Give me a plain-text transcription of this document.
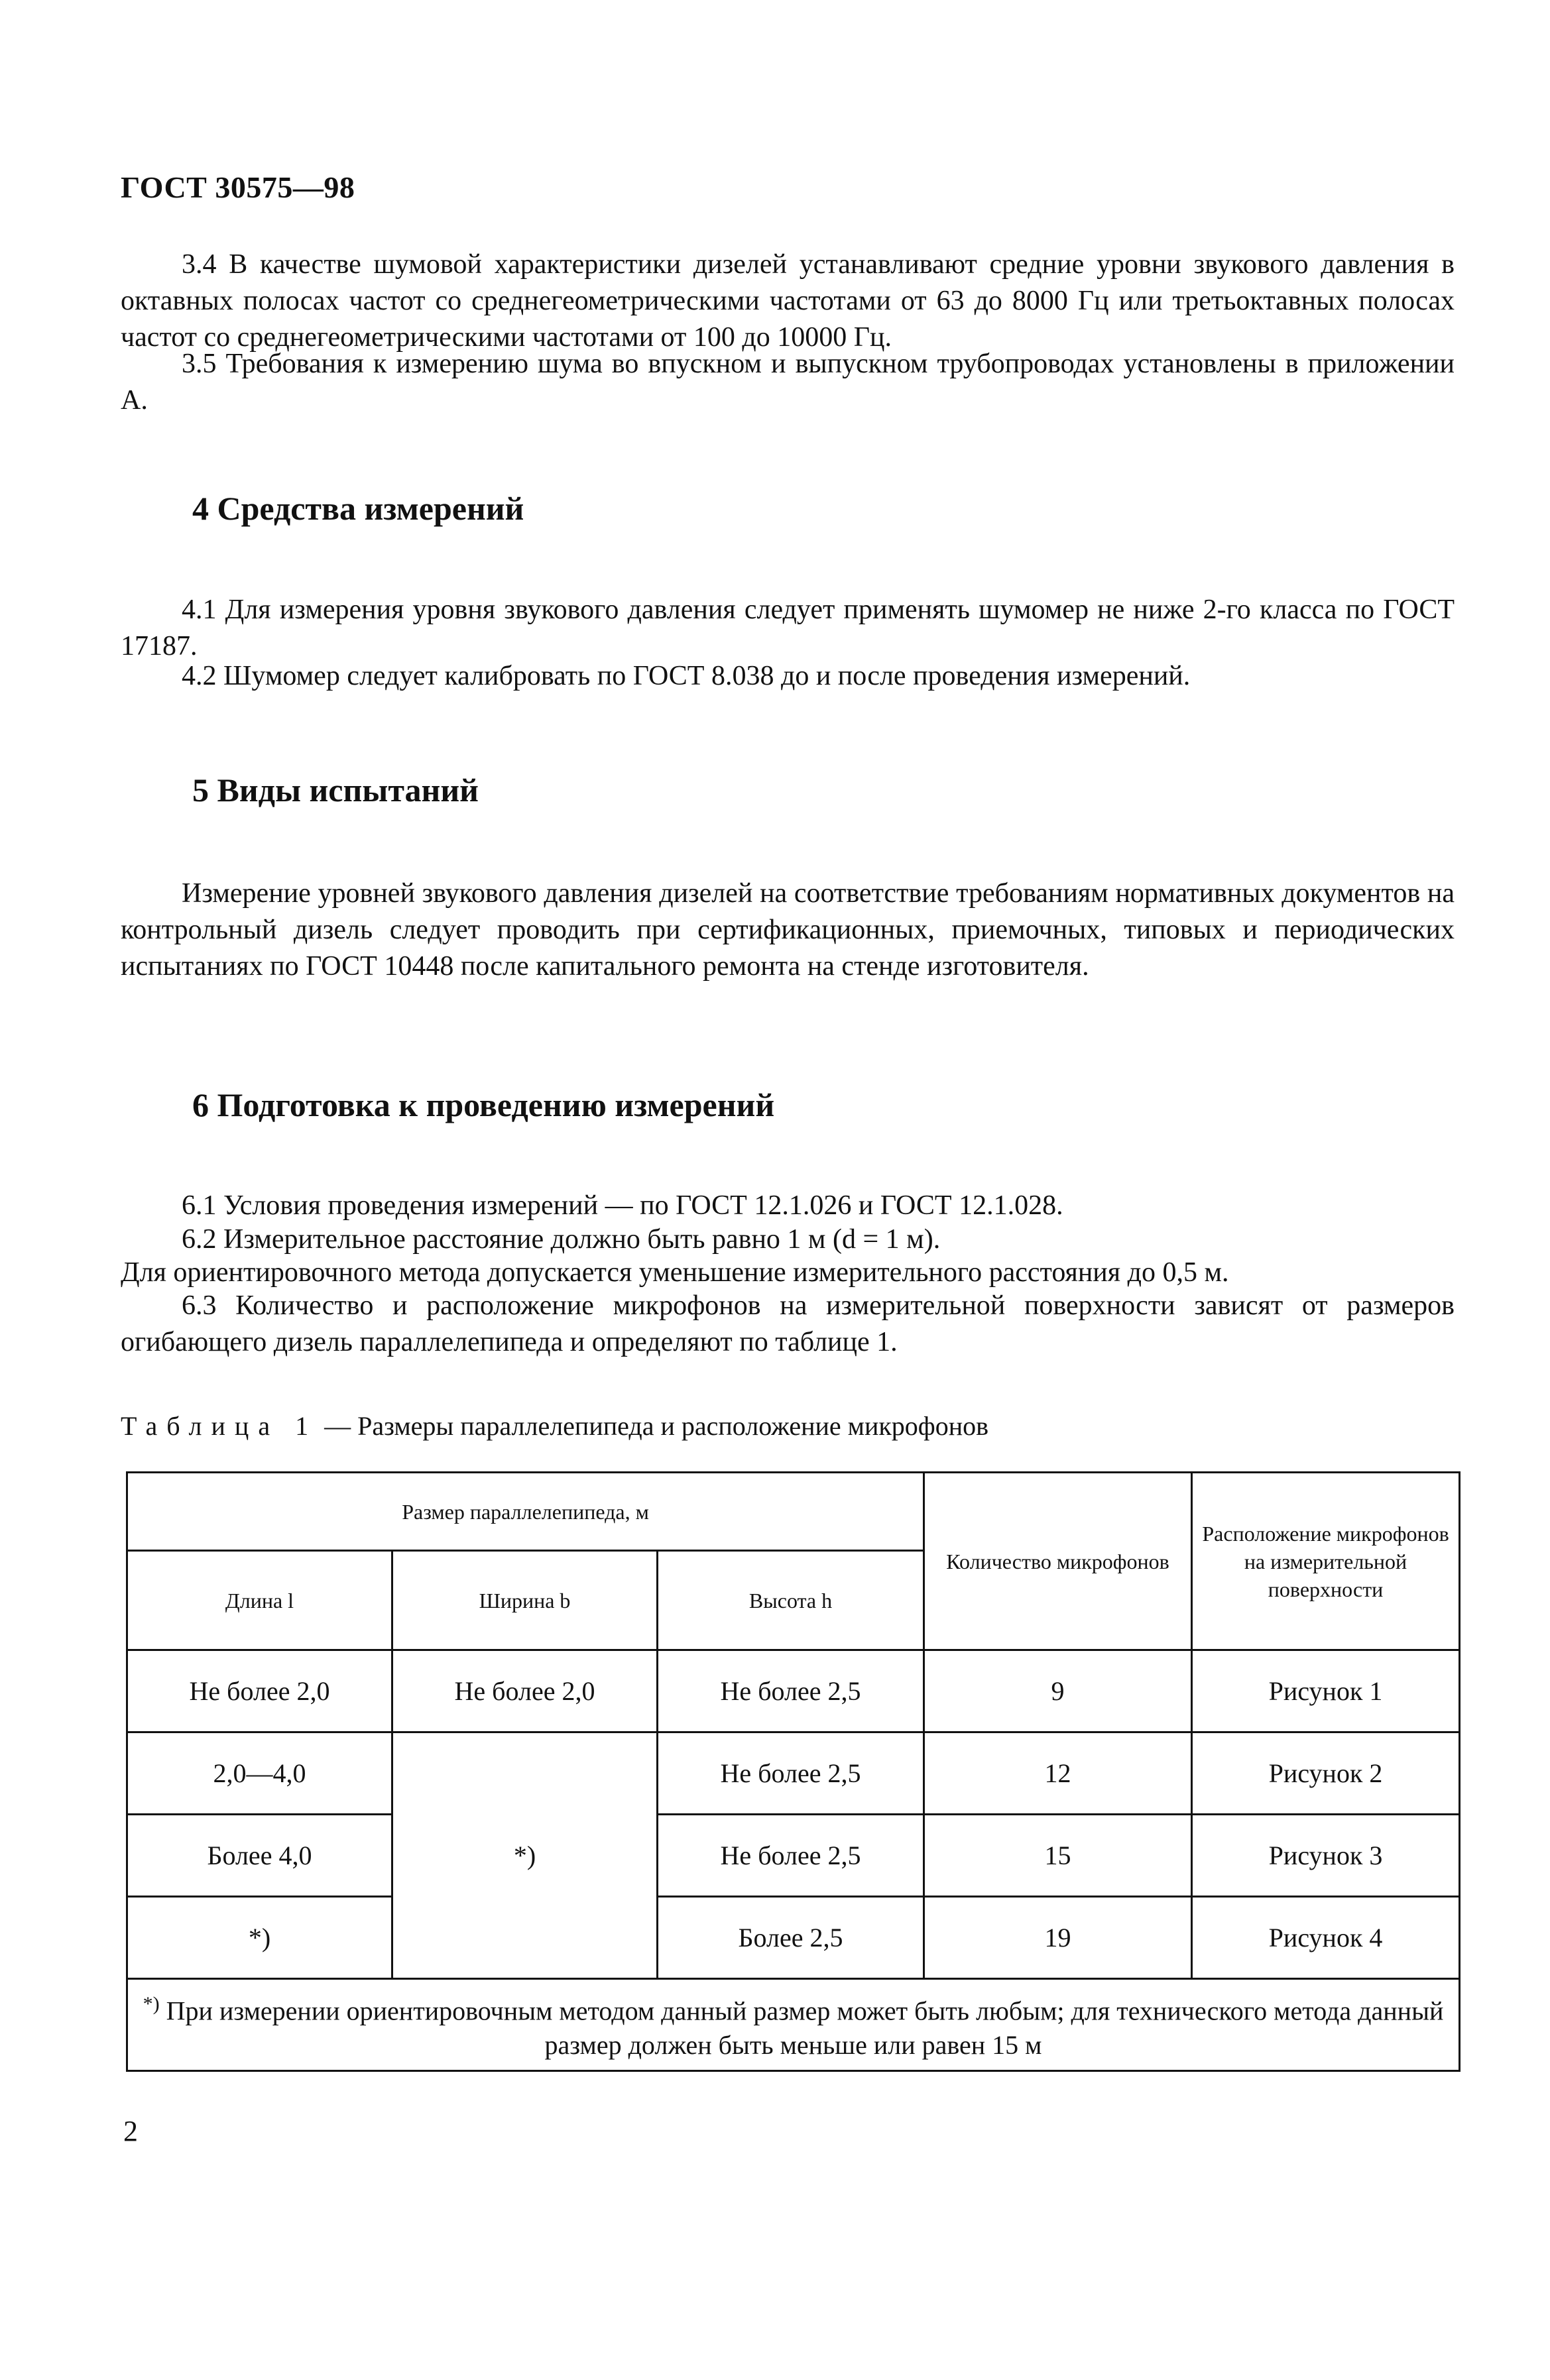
ГОСТ 30575—98

3.4 В качестве шумовой характеристики дизелей устанавливают средние уровни звукового давления в октавных полосах частот со среднегеометрическими частотами от 63 до 8000 Гц или третьоктавных полосах частот со среднегеометрическими частотами от 100 до 10000 Гц.

3.5 Требования к измерению шума во впускном и выпускном трубопроводах установлены в приложении А.

4 Средства измерений

4.1 Для измерения уровня звукового давления следует применять шумомер не ниже 2-го класса по ГОСТ 17187.

4.2 Шумомер следует калибровать по ГОСТ 8.038 до и после проведения измерений.

5 Виды испытаний

Измерение уровней звукового давления дизелей на соответствие требованиям нормативных документов на контрольный дизель следует проводить при сертификационных, приемочных, типовых и периодических испытаниях по ГОСТ 10448 после капитального ремонта на стенде изготовителя.

6 Подготовка к проведению измерений

6.1 Условия проведения измерений — по ГОСТ 12.1.026 и ГОСТ 12.1.028.

6.2 Измерительное расстояние должно быть равно 1 м (d = 1 м).

Для ориентировочного метода допускается уменьшение измерительного расстояния до 0,5 м.

6.3 Количество и расположение микрофонов на измерительной поверхности зависят от размеров огибающего дизель параллелепипеда и определяют по таблице 1.

Таблица 1 — Размеры параллелепипеда и расположение микрофонов
Размер параллелепипеда, м			Количество микрофонов	Расположение микрофонов на измерительной поверхности
Длина l	Ширина b	Высота h		
Не более 2,0	Не более 2,0	Не более 2,5	9	Рисунок 1
2,0—4,0	*)	Не более 2,5	12	Рисунок 2
Более 4,0		Не более 2,5	15	Рисунок 3
*)		Более 2,5	19	Рисунок 4
*) При измерении ориентировочным методом данный размер может быть любым; для технического метода данный размер должен быть меньше или равен 15 м				
2
